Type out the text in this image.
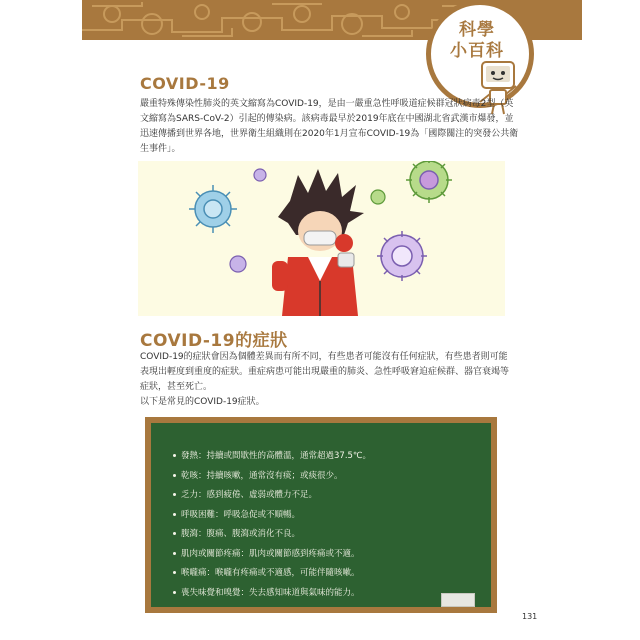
科學
小百科
COVID-19

嚴重特殊傳染性肺炎的英文縮寫為COVID-19，是由一嚴重急性呼吸道症候群冠狀病毒2型（英文縮寫為SARS-CoV-2）引起的傳染病。該病毒最早於2019年底在中國湖北省武漢市爆發，並迅速傳播到世界各地，世界衛生組織則在2020年1月宣布COVID-19為「國際關注的突發公共衛生事件」。

COVID-19的症狀

COVID-19的症狀會因為個體差異而有所不同，有些患者可能沒有任何症狀，有些患者則可能表現出輕度到重度的症狀。重症病患可能出現嚴重的肺炎、急性呼吸窘迫症候群、器官衰竭等症狀，甚至死亡。

以下是常見的COVID-19症狀。

發熱：持續或間歇性的高體溫，通常超過37.5℃。
乾咳：持續咳嗽，通常沒有痰；或痰很少。
乏力：感到疲倦、虛弱或體力不足。
呼吸困難：呼吸急促或不順暢。
腹瀉：腹痛、腹瀉或消化不良。
肌肉或關節疼痛：肌肉或關節感到疼痛或不適。
喉嚨痛：喉嚨有疼痛或不適感，可能伴隨咳嗽。
喪失味覺和嗅覺：失去感知味道與氣味的能力。
131
